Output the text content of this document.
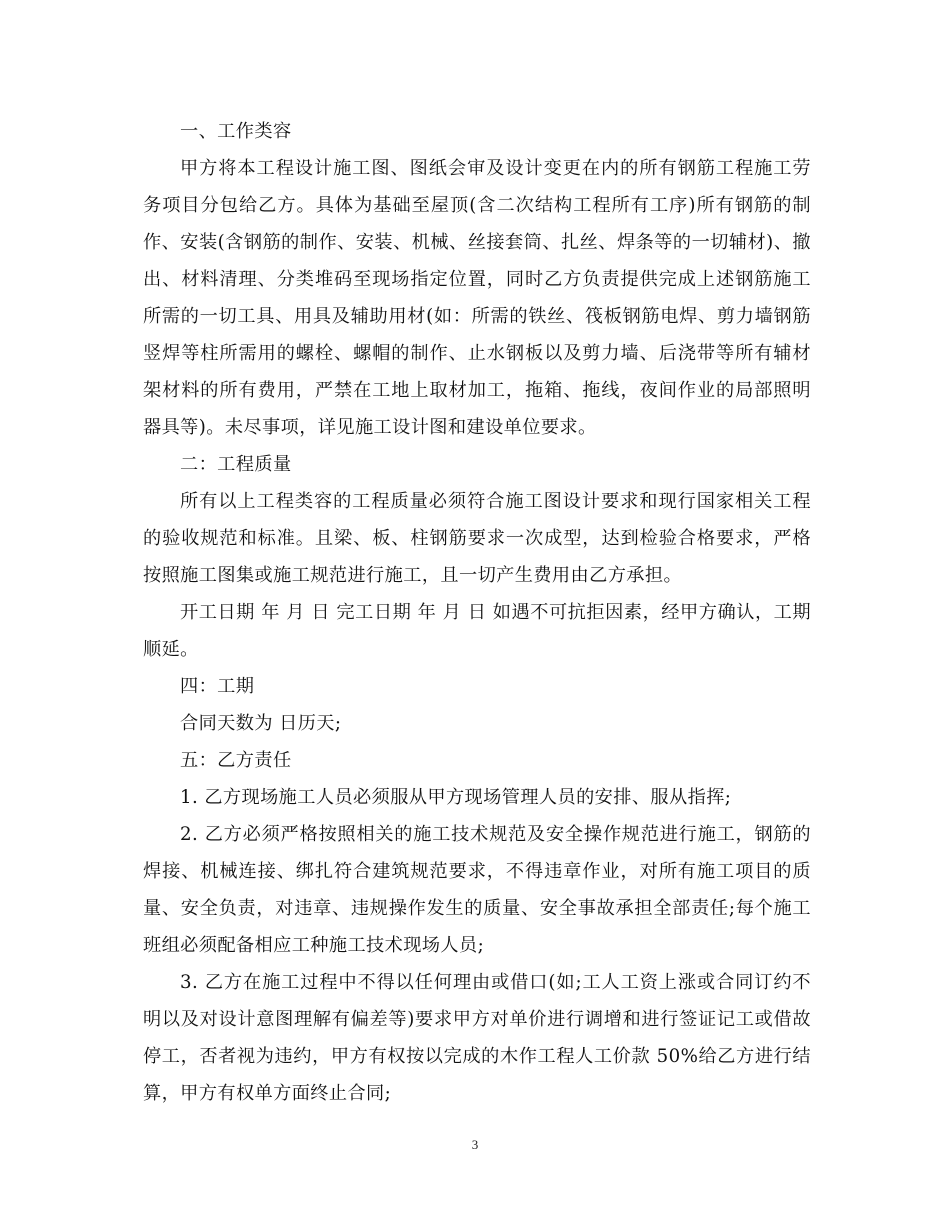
一、工作类容

甲方将本工程设计施工图、图纸会审及设计变更在内的所有钢筋工程施工劳务项目分包给乙方。具体为基础至屋顶(含二次结构工程所有工序)所有钢筋的制作、安装(含钢筋的制作、安装、机械、丝接套筒、扎丝、焊条等的一切辅材)、撤出、材料清理、分类堆码至现场指定位置，同时乙方负责提供完成上述钢筋施工所需的一切工具、用具及辅助用材(如：所需的铁丝、筏板钢筋电焊、剪力墙钢筋竖焊等柱所需用的螺栓、螺帽的制作、止水钢板以及剪力墙、后浇带等所有辅材架材料的所有费用，严禁在工地上取材加工，拖箱、拖线，夜间作业的局部照明器具等)。未尽事项，详见施工设计图和建设单位要求。

二：工程质量

所有以上工程类容的工程质量必须符合施工图设计要求和现行国家相关工程的验收规范和标准。且梁、板、柱钢筋要求一次成型，达到检验合格要求，严格按照施工图集或施工规范进行施工，且一切产生费用由乙方承担。

开工日期 年 月 日 完工日期 年 月 日 如遇不可抗拒因素，经甲方确认，工期顺延。

四：工期

合同天数为 日历天;

五：乙方责任

1. 乙方现场施工人员必须服从甲方现场管理人员的安排、服从指挥;

2. 乙方必须严格按照相关的施工技术规范及安全操作规范进行施工，钢筋的焊接、机械连接、绑扎符合建筑规范要求，不得违章作业，对所有施工项目的质量、安全负责，对违章、违规操作发生的质量、安全事故承担全部责任;每个施工班组必须配备相应工种施工技术现场人员;

3. 乙方在施工过程中不得以任何理由或借口(如;工人工资上涨或合同订约不明以及对设计意图理解有偏差等)要求甲方对单价进行调增和进行签证记工或借故停工，否者视为违约，甲方有权按以完成的木作工程人工价款 50%给乙方进行结算，甲方有权单方面终止合同;

3
